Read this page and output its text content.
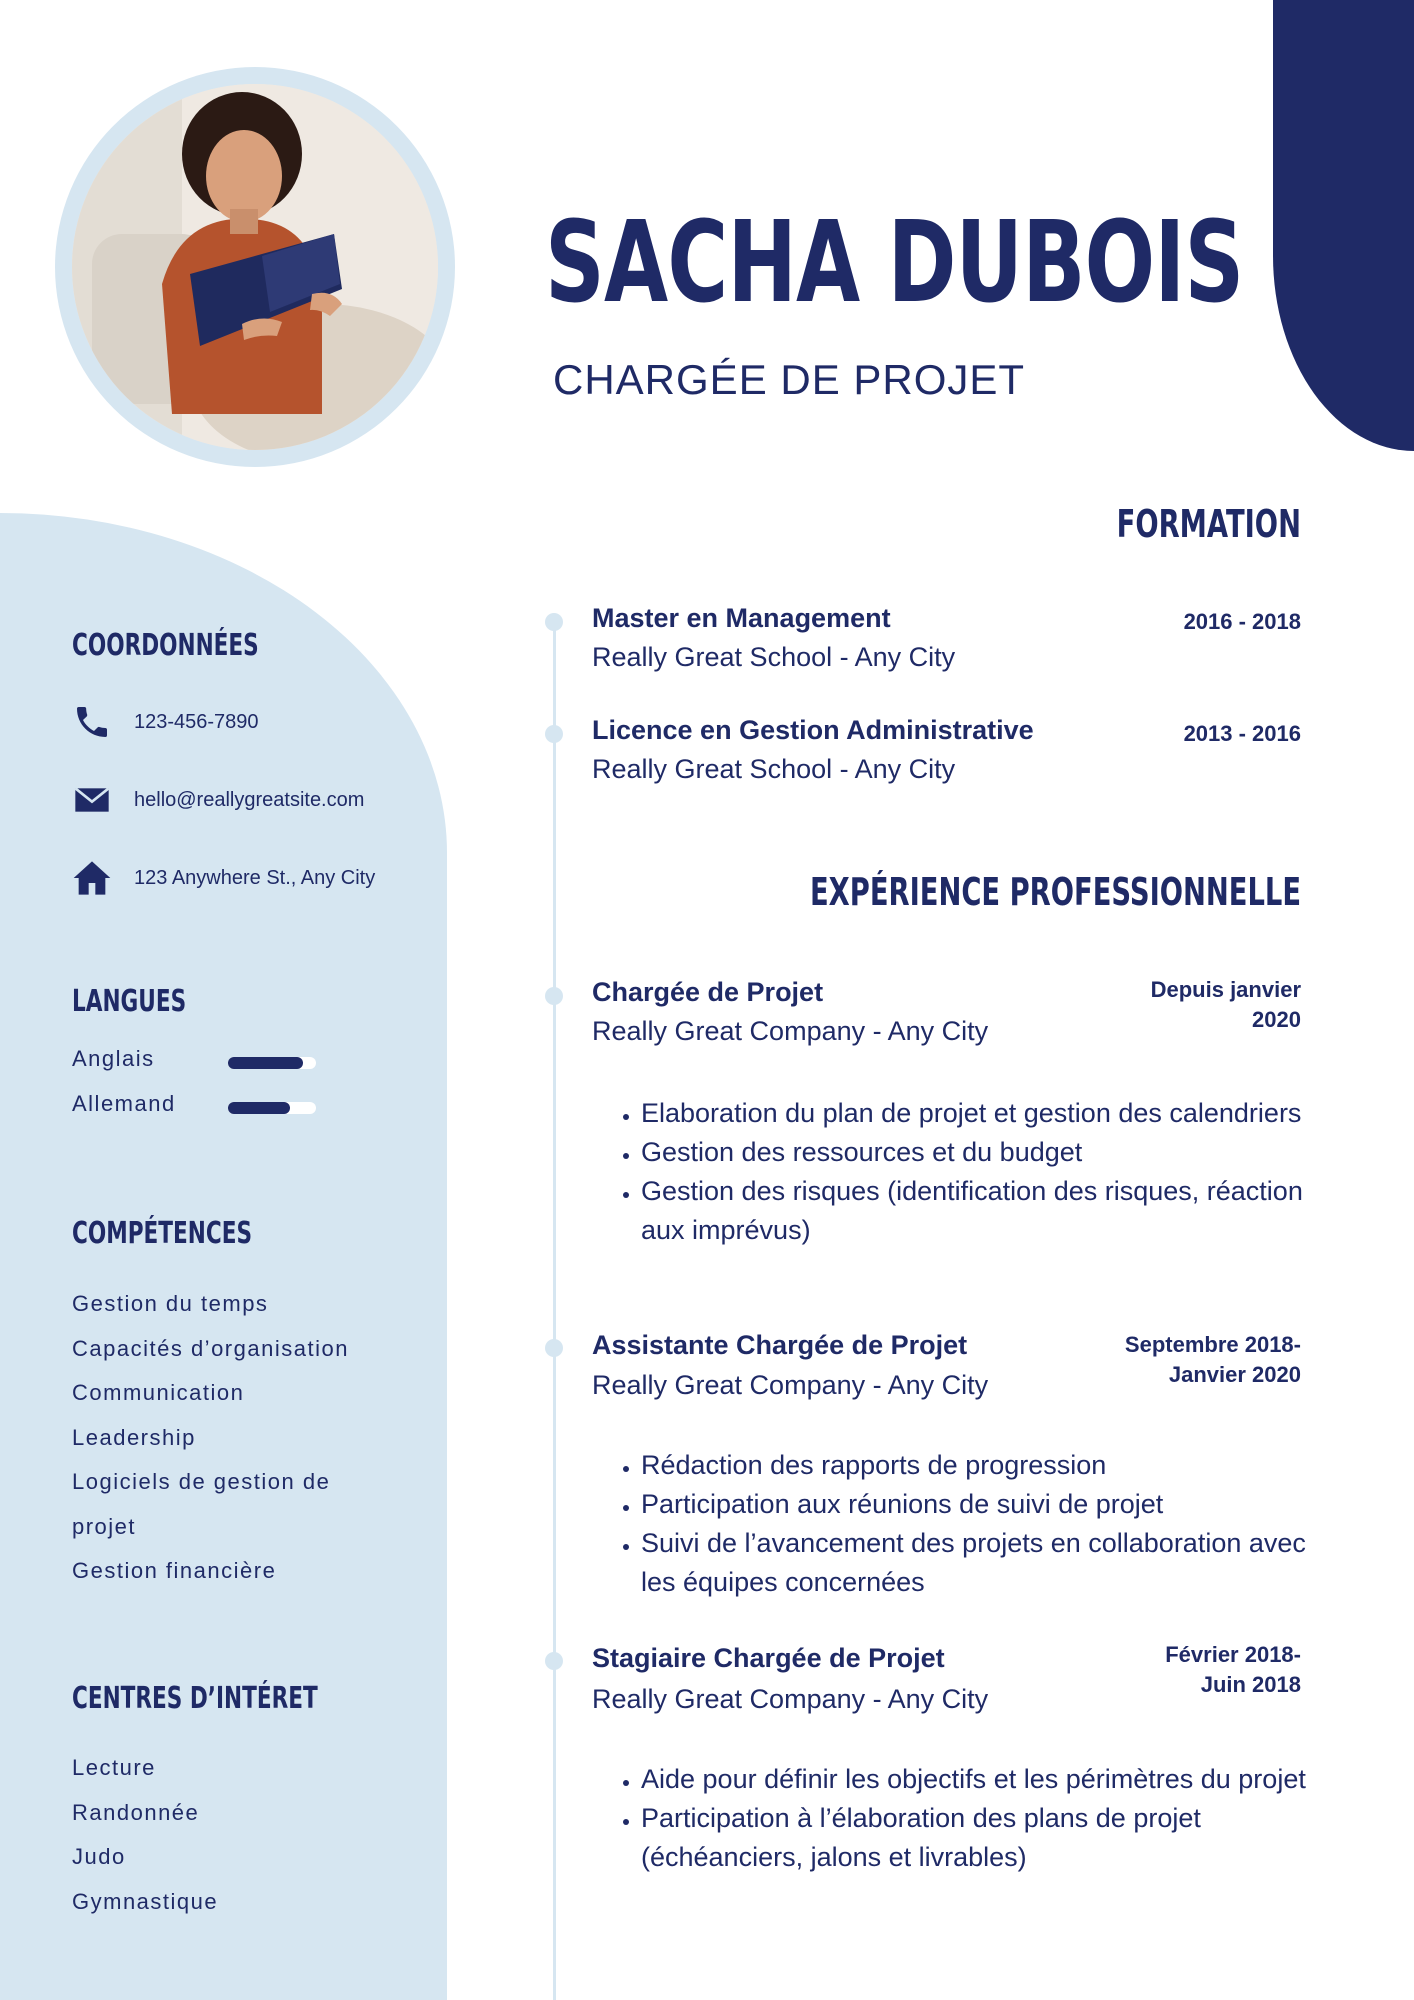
SACHA DUBOIS
CHARGÉE DE PROJET
COORDONNÉES
123-456-7890
hello@reallygreatsite.com
123 Anywhere St., Any City
LANGUES
Anglais
Allemand
COMPÉTENCES
Gestion du temps
Capacités d’organisation
Communication
Leadership
Logiciels de gestion de projet
Gestion financière
CENTRES D’INTÉRET
Lecture
Randonnée
Judo
Gymnastique
FORMATION
Master en Management
Really Great School - Any City
2016 - 2018
Licence en Gestion Administrative
Really Great School - Any City
2013 - 2016
EXPÉRIENCE PROFESSIONNELLE
Chargée de Projet
Really Great Company - Any City
Depuis janvier
2020
• Elaboration du plan de projet et gestion des calendriers
• Gestion des ressources et du budget
• Gestion des risques (identification des risques, réaction aux imprévus)
Assistante Chargée de Projet
Really Great Company - Any City
Septembre 2018-
Janvier 2020
• Rédaction des rapports de progression
• Participation aux réunions de suivi de projet
• Suivi de l’avancement des projets en collaboration avec les équipes concernées
Stagiaire Chargée de Projet
Really Great Company - Any City
Février 2018-
Juin 2018
• Aide pour définir les objectifs et les périmètres du projet
• Participation à l’élaboration des plans de projet (échéanciers, jalons et livrables)
